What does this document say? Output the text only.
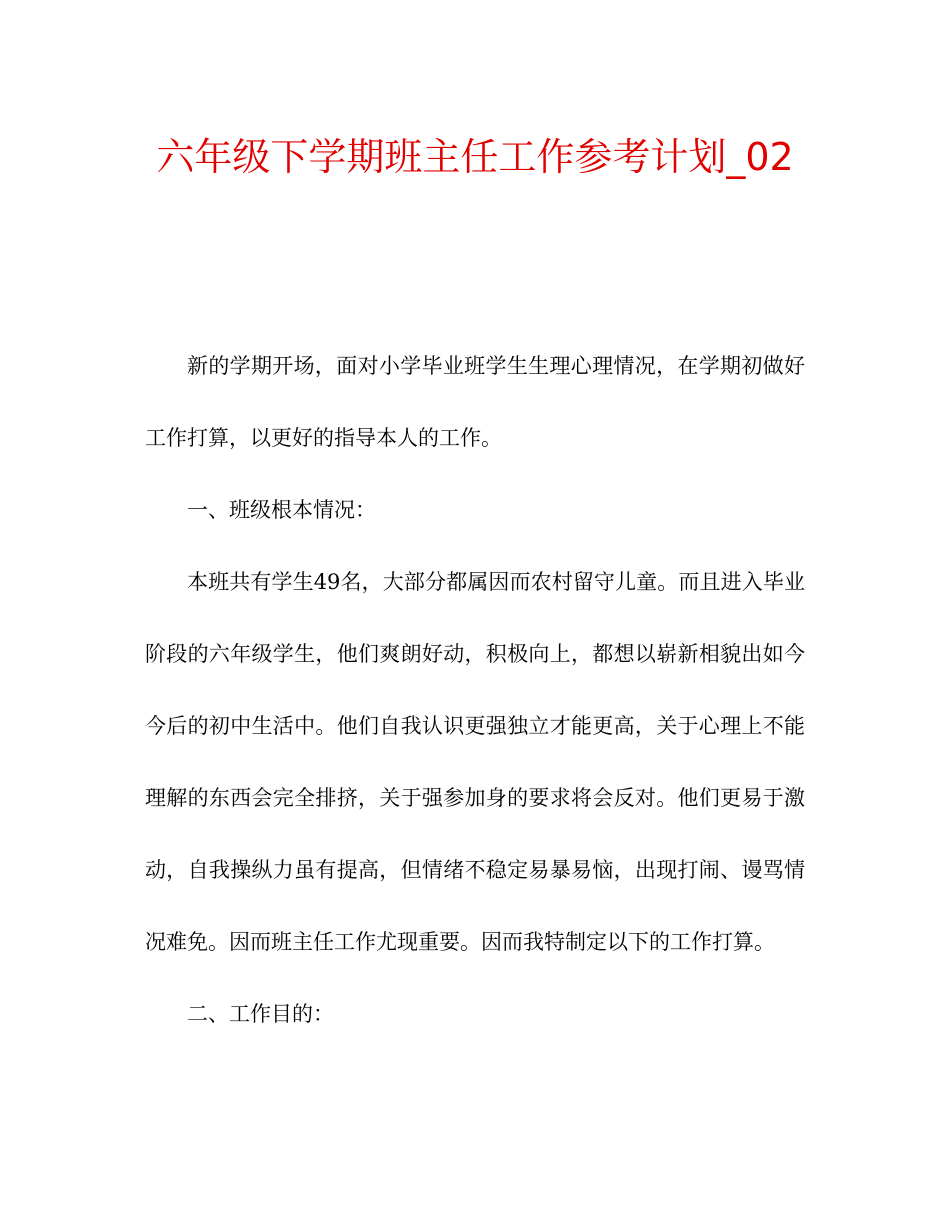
六年级下学期班主任工作参考计划_02

新的学期开场，面对小学毕业班学生生理心理情况，在学期初做好工作打算，以更好的指导本人的工作。

一、班级根本情况：

本班共有学生49名，大部分都属因而农村留守儿童。而且进入毕业阶段的六年级学生，他们爽朗好动，积极向上，都想以崭新相貌出如今今后的初中生活中。他们自我认识更强独立才能更高，关于心理上不能理解的东西会完全排挤，关于强参加身的要求将会反对。他们更易于激动，自我操纵力虽有提高，但情绪不稳定易暴易恼，出现打闹、谩骂情况难免。因而班主任工作尤现重要。因而我特制定以下的工作打算。

二、工作目的：
